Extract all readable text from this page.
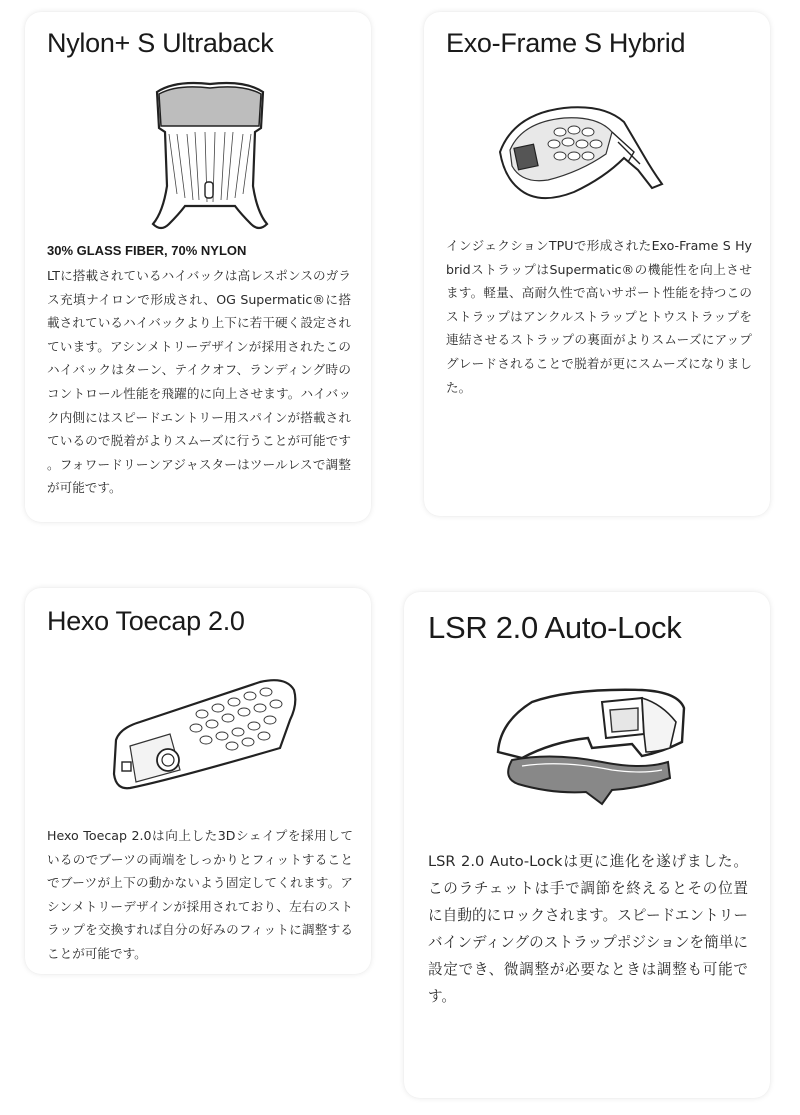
Nylon+ S Ultraback

30% GLASS FIBER, 70% NYLON

LTに搭載されているハイバックは高レスポンスのガラス充填ナイロンで形成され、OG Supermatic®に搭載されているハイバックより上下に若干硬く設定されています。アシンメトリーデザインが採用されたこのハイバックはターン、テイクオフ、ランディング時のコントロール性能を飛躍的に向上させます。ハイバック内側にはスピードエントリー用スパインが搭載されているので脱着がよりスムーズに行うことが可能です。フォワードリーンアジャスターはツールレスで調整が可能です。

Exo-Frame S Hybrid

インジェクションTPUで形成されたExo-Frame S HybridストラップはSupermatic®の機能性を向上させます。軽量、高耐久性で高いサポート性能を持つこのストラップはアンクルストラップとトウストラップを連結させるストラップの裏面がよりスムーズにアップグレードされることで脱着が更にスムーズになりました。

Hexo Toecap 2.0

Hexo Toecap 2.0は向上した3Dシェイプを採用しているのでブーツの両端をしっかりとフィットすることでブーツが上下の動かないよう固定してくれます。アシンメトリーデザインが採用されており、左右のストラップを交換すれば自分の好みのフィットに調整することが可能です。

LSR 2.0 Auto-Lock

LSR 2.0 Auto-Lockは更に進化を遂げました。このラチェットは手で調節を終えるとその位置に自動的にロックされます。スピードエントリーバインディングのストラップポジションを簡単に設定でき、微調整が必要なときは調整も可能です。
